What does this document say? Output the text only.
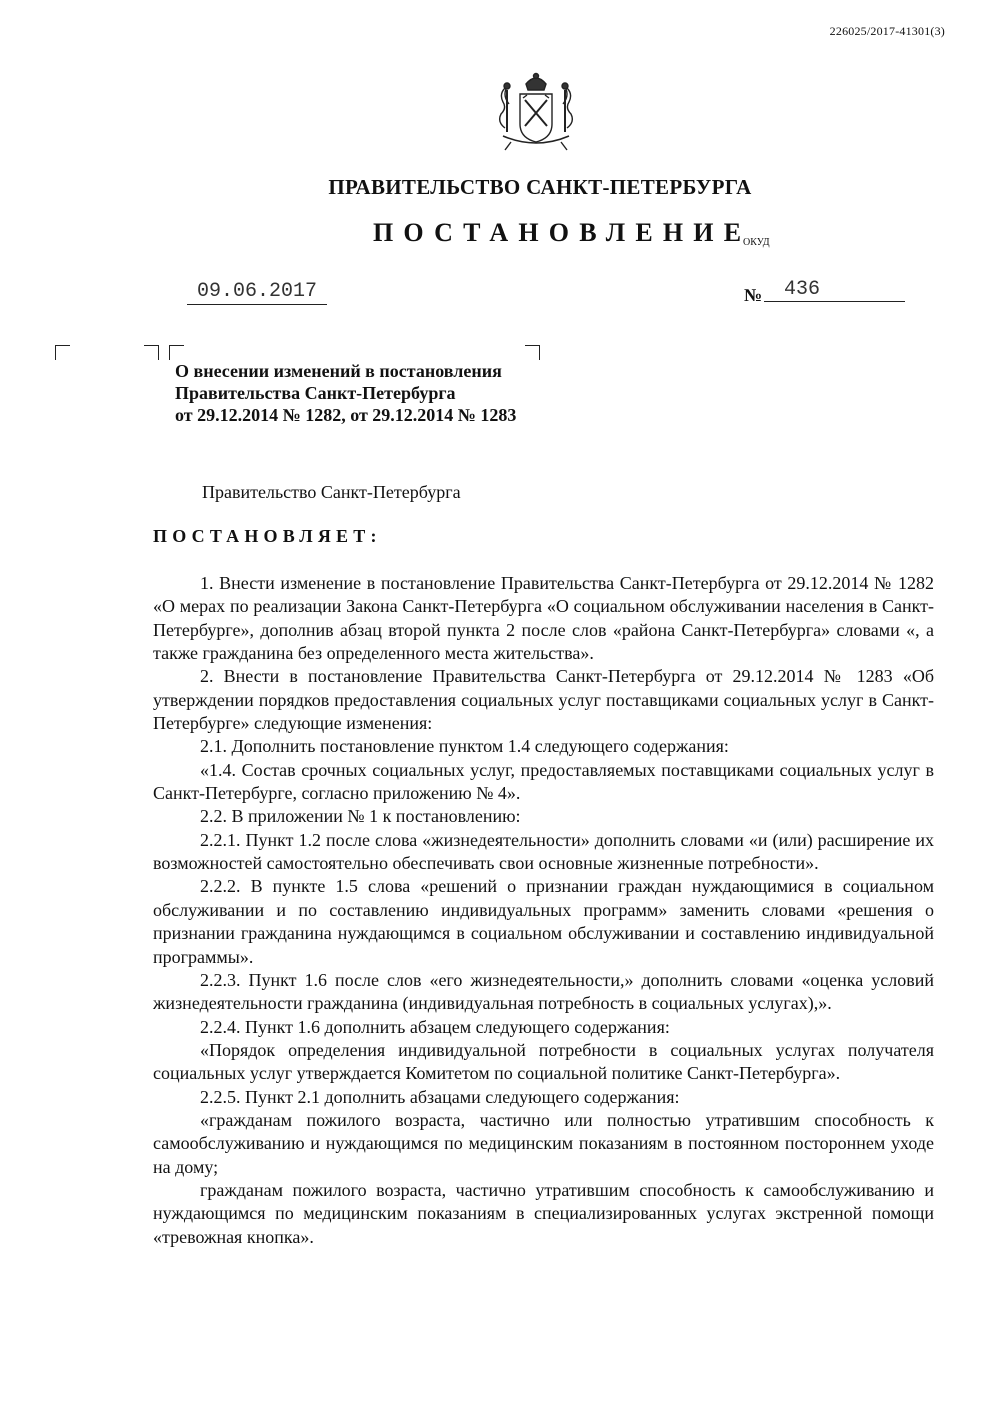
226025/2017-41301(3)
ПРАВИТЕЛЬСТВО САНКТ-ПЕТЕРБУРГА
ПОСТАНОВЛЕНИЕ
ОКУД
09.06.2017	№	436
О внесении изменений в постановления
Правительства Санкт-Петербурга
от 29.12.2014 № 1282, от 29.12.2014 № 1283
Правительство Санкт-Петербурга
ПОСТАНОВЛЯЕТ:

1. Внести изменение в постановление Правительства Санкт-Петербурга от 29.12.2014 № 1282 «О мерах по реализации Закона Санкт-Петербурга «О социальном обслуживании населения в Санкт-Петербурге», дополнив абзац второй пункта 2 после слов «района Санкт-Петербурга» словами «, а также гражданина без определенного места жительства».

2. Внести в постановление Правительства Санкт-Петербурга от 29.12.2014 № 1283 «Об утверждении порядков предоставления социальных услуг поставщиками социальных услуг в Санкт-Петербурге» следующие изменения:

2.1. Дополнить постановление пунктом 1.4 следующего содержания:

«1.4. Состав срочных социальных услуг, предоставляемых поставщиками социальных услуг в Санкт-Петербурге, согласно приложению № 4».

2.2. В приложении № 1 к постановлению:

2.2.1. Пункт 1.2 после слова «жизнедеятельности» дополнить словами «и (или) расширение их возможностей самостоятельно обеспечивать свои основные жизненные потребности».

2.2.2. В пункте 1.5 слова «решений о признании граждан нуждающимися в социальном обслуживании и по составлению индивидуальных программ» заменить словами «решения о признании гражданина нуждающимся в социальном обслуживании и составлению индивидуальной программы».

2.2.3. Пункт 1.6 после слов «его жизнедеятельности,» дополнить словами «оценка условий жизнедеятельности гражданина (индивидуальная потребность в социальных услугах),».

2.2.4. Пункт 1.6 дополнить абзацем следующего содержания:

«Порядок определения индивидуальной потребности в социальных услугах получателя социальных услуг утверждается Комитетом по социальной политике Санкт-Петербурга».

2.2.5. Пункт 2.1 дополнить абзацами следующего содержания:

«гражданам пожилого возраста, частично или полностью утратившим способность к самообслуживанию и нуждающимся по медицинским показаниям в постоянном постороннем уходе на дому;

гражданам пожилого возраста, частично утратившим способность к самообслуживанию и нуждающимся по медицинским показаниям в специализированных услугах экстренной помощи «тревожная кнопка».
